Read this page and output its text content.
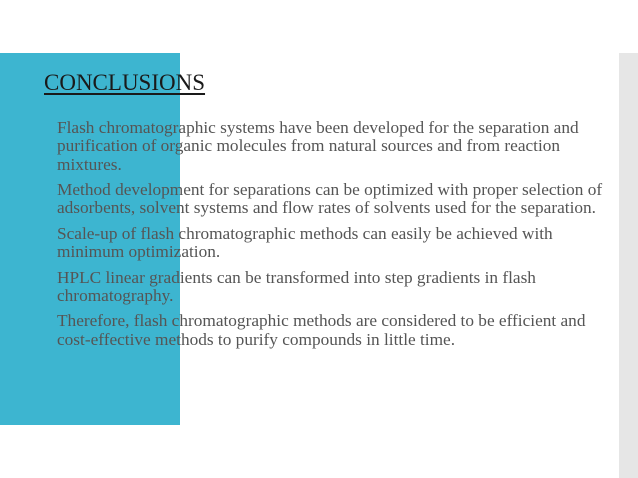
CONCLUSIONS
Flash chromatographic systems have been developed for the separation and purification of organic molecules from natural sources and from reaction mixtures.
Method development for separations can be optimized with proper selection of adsorbents, solvent systems and flow rates of solvents used for the separation.
Scale-up of flash chromatographic methods can easily be achieved with minimum optimization.
HPLC linear gradients can be transformed into step gradients in flash chromatography.
Therefore, flash chromatographic methods are considered to be efficient and cost-effective methods to purify compounds in little time.
